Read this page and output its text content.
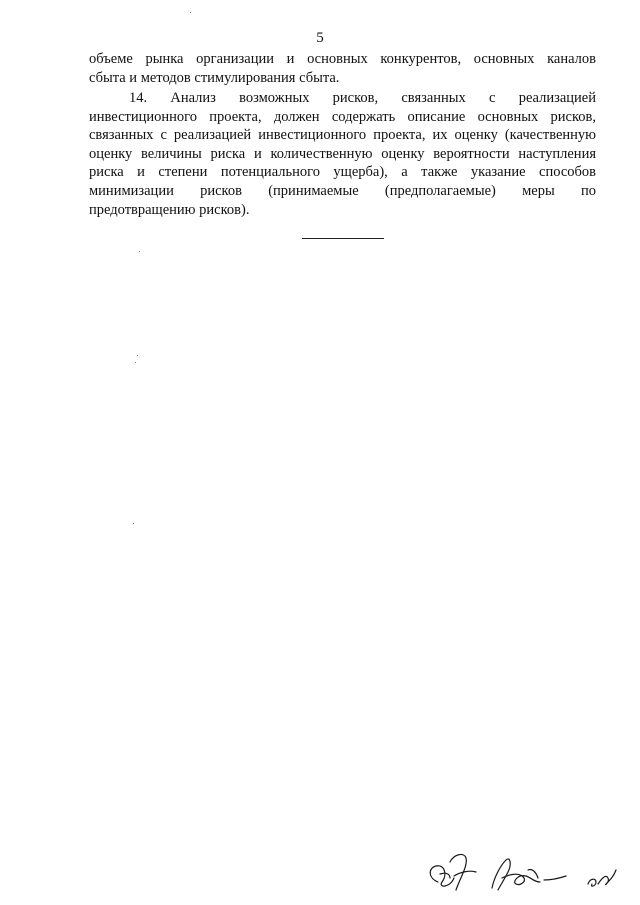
5
объеме рынка организации и основных конкурентов, основных каналов
сбыта и методов стимулирования сбыта.
14. Анализ возможных рисков, связанных с реализацией
инвестиционного проекта, должен содержать описание основных рисков,
связанных с реализацией инвестиционного проекта, их оценку (качественную
оценку величины риска и количественную оценку вероятности наступления
риска и степени потенциального ущерба), а также указание способов
минимизации рисков (принимаемые (предполагаемые) меры по
предотвращению рисков).
